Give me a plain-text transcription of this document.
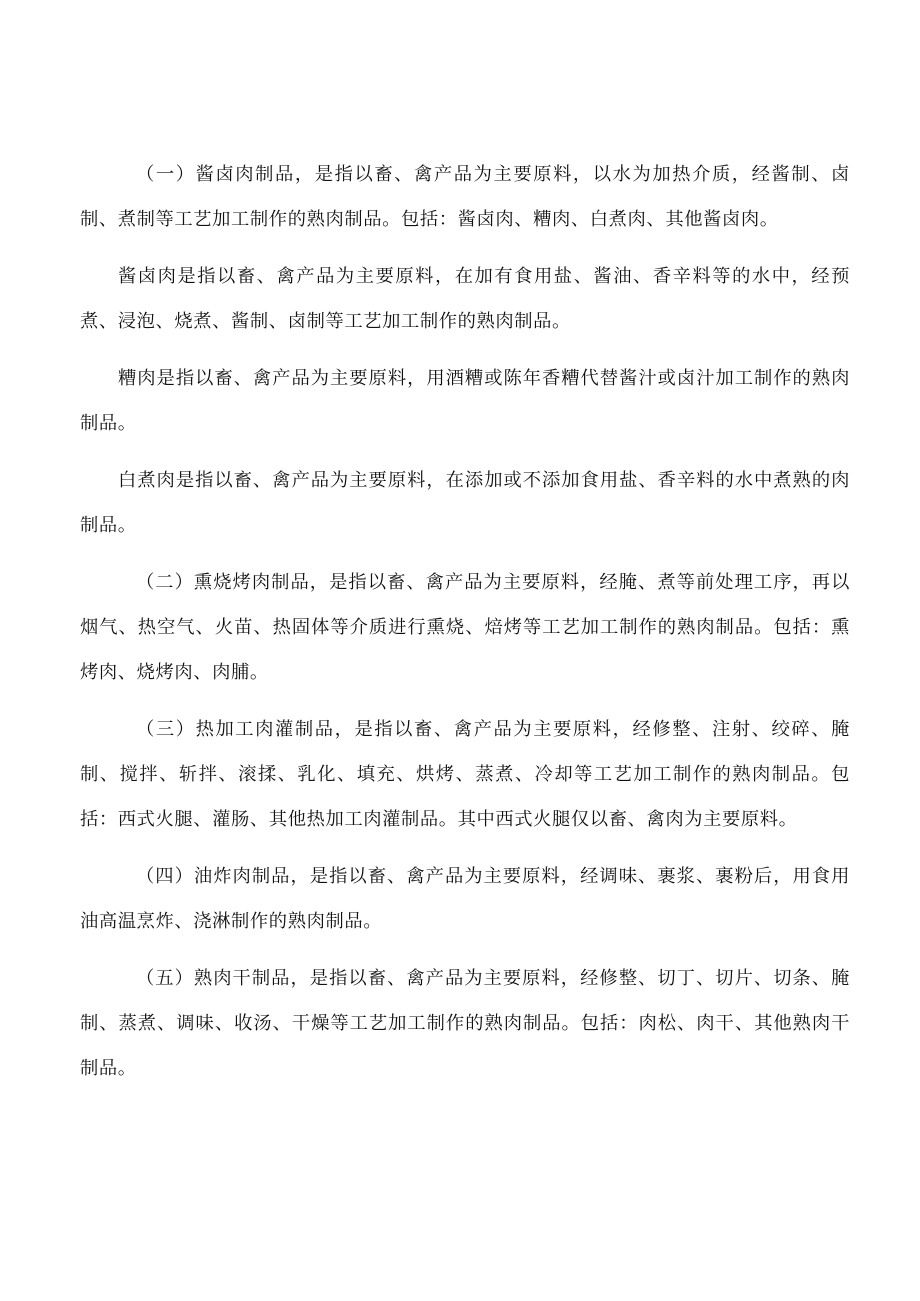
（一）酱卤肉制品，是指以畜、禽产品为主要原料，以水为加热介质，经酱制、卤制、煮制等工艺加工制作的熟肉制品。包括：酱卤肉、糟肉、白煮肉、其他酱卤肉。

酱卤肉是指以畜、禽产品为主要原料，在加有食用盐、酱油、香辛料等的水中，经预煮、浸泡、烧煮、酱制、卤制等工艺加工制作的熟肉制品。

糟肉是指以畜、禽产品为主要原料，用酒糟或陈年香糟代替酱汁或卤汁加工制作的熟肉制品。

白煮肉是指以畜、禽产品为主要原料，在添加或不添加食用盐、香辛料的水中煮熟的肉制品。

（二）熏烧烤肉制品，是指以畜、禽产品为主要原料，经腌、煮等前处理工序，再以烟气、热空气、火苗、热固体等介质进行熏烧、焙烤等工艺加工制作的熟肉制品。包括：熏烤肉、烧烤肉、肉脯。

（三）热加工肉灌制品，是指以畜、禽产品为主要原料，经修整、注射、绞碎、腌制、搅拌、斩拌、滚揉、乳化、填充、烘烤、蒸煮、冷却等工艺加工制作的熟肉制品。包括：西式火腿、灌肠、其他热加工肉灌制品。其中西式火腿仅以畜、禽肉为主要原料。

（四）油炸肉制品，是指以畜、禽产品为主要原料，经调味、裹浆、裹粉后，用食用油高温烹炸、浇淋制作的熟肉制品。

（五）熟肉干制品，是指以畜、禽产品为主要原料，经修整、切丁、切片、切条、腌制、蒸煮、调味、收汤、干燥等工艺加工制作的熟肉制品。包括：肉松、肉干、其他熟肉干制品。
